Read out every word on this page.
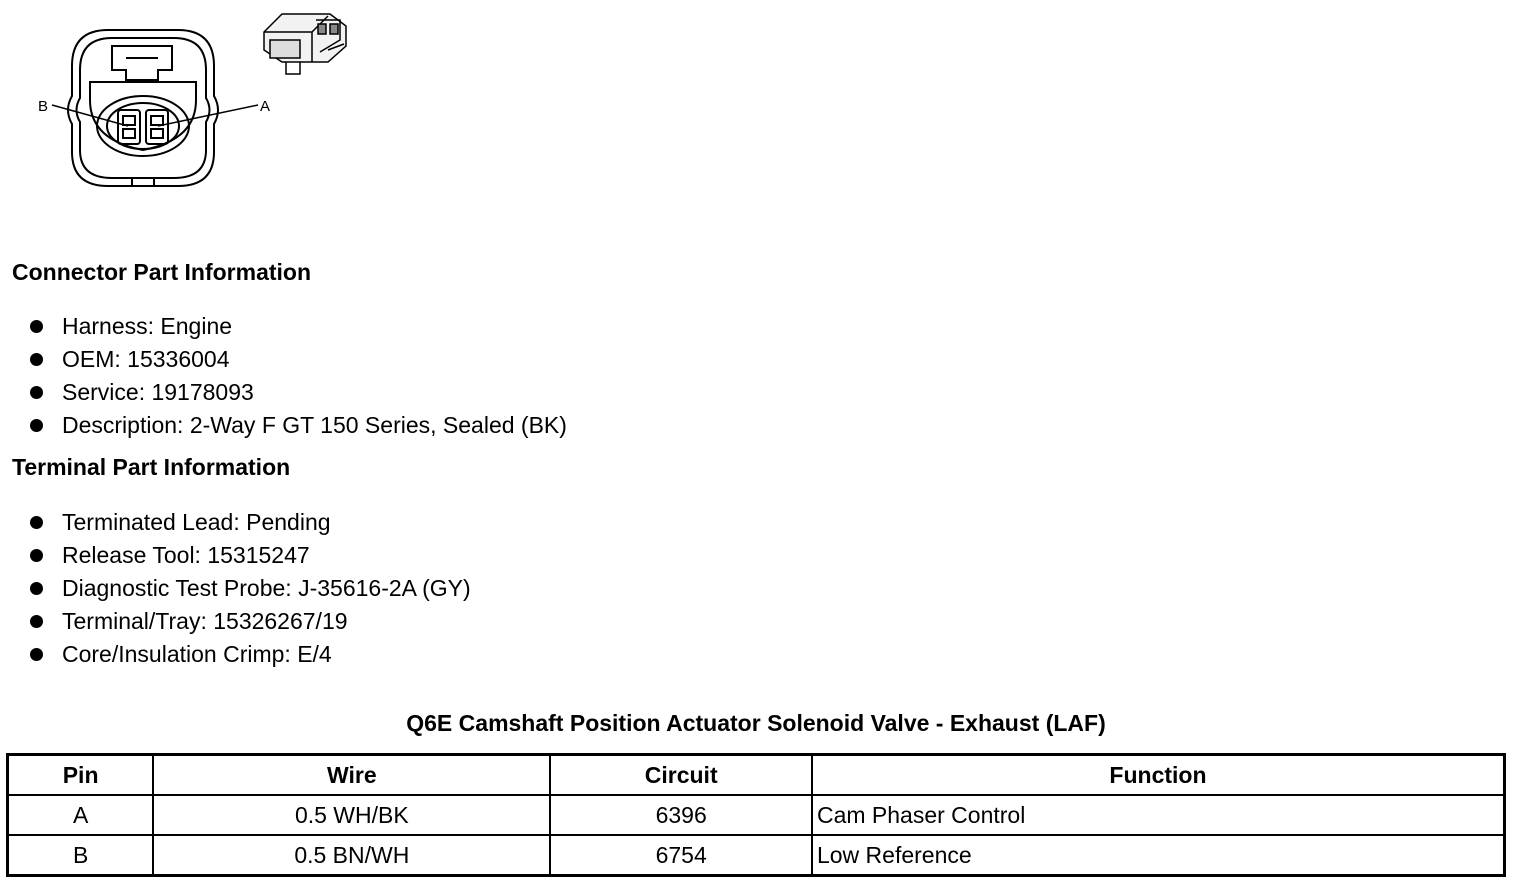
B	A
Connector Part Information
Harness: Engine
OEM: 15336004
Service: 19178093
Description: 2-Way F GT 150 Series, Sealed (BK)
Terminal Part Information
Terminated Lead: Pending
Release Tool: 15315247
Diagnostic Test Probe: J-35616-2A (GY)
Terminal/Tray: 15326267/19
Core/Insulation Crimp: E/4
Q6E Camshaft Position Actuator Solenoid Valve - Exhaust (LAF)
Pin	Wire	Circuit	Function
A	0.5 WH/BK	6396	Cam Phaser Control
B	0.5 BN/WH	6754	Low Reference
